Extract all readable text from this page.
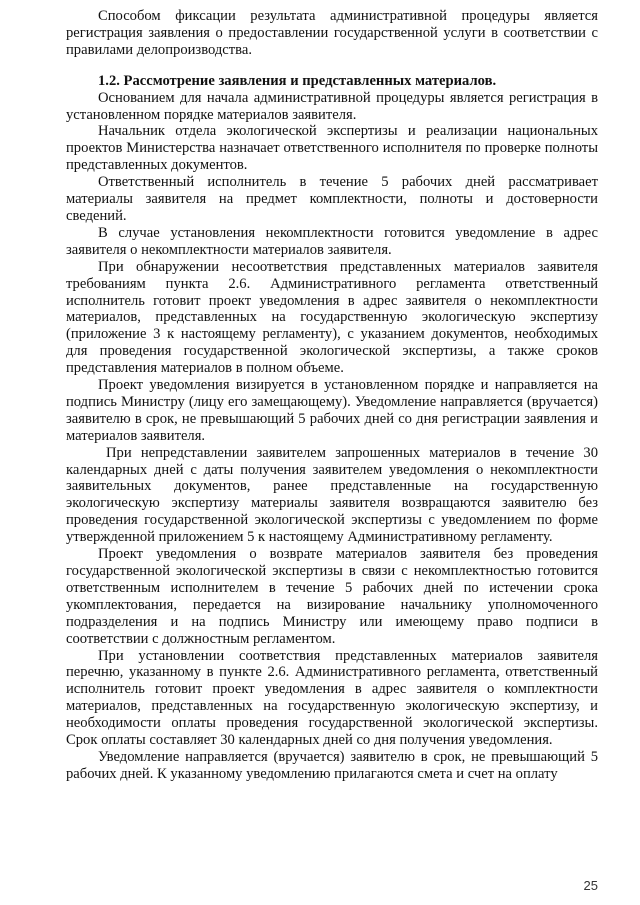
Способом фиксации результата административной процедуры является регистрация заявления о предоставлении государственной услуги в соответствии с правилами делопроизводства.

1.2. Рассмотрение заявления и представленных материалов.

Основанием для начала административной процедуры является регистрация в установленном порядке материалов заявителя.

Начальник отдела экологической экспертизы и реализации национальных проектов Министерства назначает ответственного исполнителя по проверке полноты представленных документов.

Ответственный исполнитель в течение 5 рабочих дней рассматривает материалы заявителя на предмет комплектности, полноты и достоверности сведений.

В случае установления некомплектности готовится уведомление в адрес заявителя о некомплектности материалов заявителя.

При обнаружении несоответствия представленных материалов заявителя требованиям пункта 2.6. Административного регламента ответственный исполнитель готовит проект уведомления в адрес заявителя о некомплектности материалов, представленных на государственную экологическую экспертизу (приложение 3 к настоящему регламенту), с указанием документов, необходимых для проведения государственной экологической экспертизы, а также сроков представления материалов в полном объеме.

Проект уведомления визируется в установленном порядке и направляется на подпись Министру (лицу его замещающему). Уведомление направляется (вручается) заявителю в срок, не превышающий 5 рабочих дней со дня регистрации заявления и материалов заявителя.

При непредставлении заявителем запрошенных материалов в течение 30 календарных дней с даты получения заявителем уведомления о некомплектности заявительных документов, ранее представленные на государственную экологическую экспертизу материалы заявителя возвращаются заявителю без проведения государственной экологической экспертизы с уведомлением по форме утвержденной приложением 5 к настоящему Административному регламенту.

Проект уведомления о возврате материалов заявителя без проведения государственной экологической экспертизы в связи с некомплектностью готовится ответственным исполнителем в течение 5 рабочих дней по истечении срока укомплектования, передается на визирование начальнику уполномоченного подразделения и на подпись Министру или имеющему право подписи в соответствии с должностным регламентом.

При установлении соответствия представленных материалов заявителя перечню, указанному в пункте 2.6. Административного регламента, ответственный исполнитель готовит проект уведомления в адрес заявителя о комплектности материалов, представленных на государственную экологическую экспертизу, и необходимости оплаты проведения государственной экологической экспертизы. Срок оплаты составляет 30 календарных дней со дня получения уведомления.

Уведомление направляется (вручается) заявителю в срок, не превышающий 5 рабочих дней. К указанному уведомлению прилагаются смета и счет на оплату

25
